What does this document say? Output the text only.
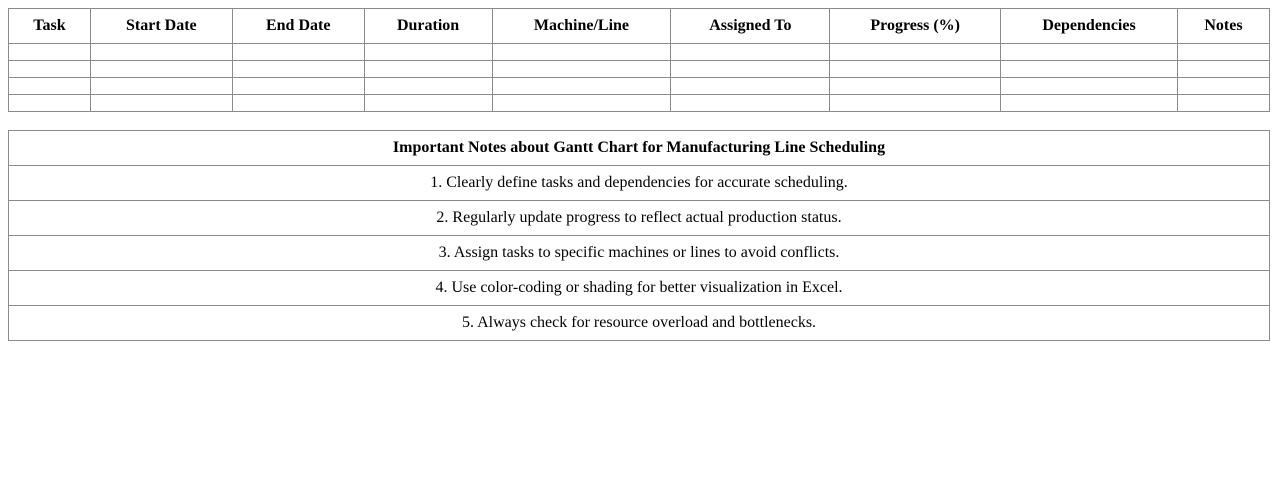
Task	Start Date	End Date	Duration	Machine/Line	Assigned To	Progress (%)	Dependencies	Notes

Important Notes about Gantt Chart for Manufacturing Line Scheduling
1. Clearly define tasks and dependencies for accurate scheduling.
2. Regularly update progress to reflect actual production status.
3. Assign tasks to specific machines or lines to avoid conflicts.
4. Use color-coding or shading for better visualization in Excel.
5. Always check for resource overload and bottlenecks.
